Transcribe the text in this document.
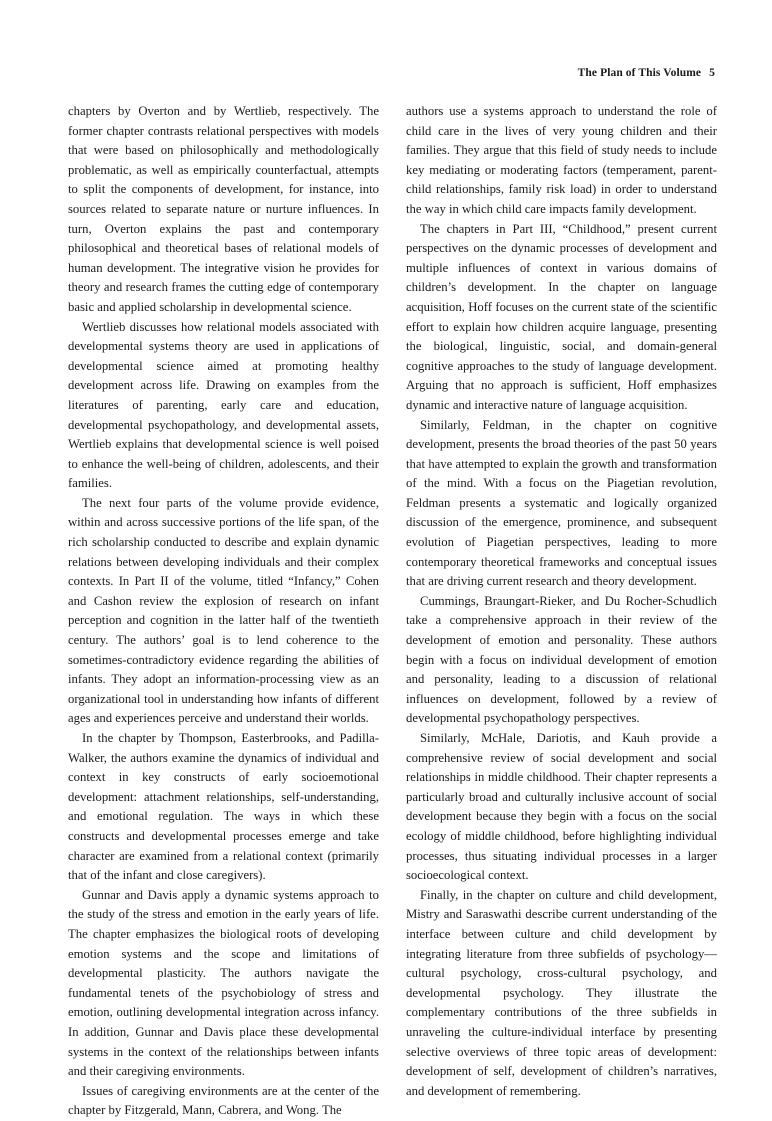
The Plan of This Volume 5

chapters by Overton and by Wertlieb, respectively. The former chapter contrasts relational perspectives with models that were based on philosophically and methodologically problematic, as well as empirically counterfactual, attempts to split the components of development, for instance, into sources related to separate nature or nurture influences. In turn, Overton explains the past and contemporary philosophical and theoretical bases of relational models of human development. The integrative vision he provides for theory and research frames the cutting edge of contemporary basic and applied scholarship in developmental science.

Wertlieb discusses how relational models associated with developmental systems theory are used in applications of developmental science aimed at promoting healthy development across life. Drawing on examples from the literatures of parenting, early care and education, developmental psychopathology, and developmental assets, Wertlieb explains that developmental science is well poised to enhance the well-being of children, adolescents, and their families.

The next four parts of the volume provide evidence, within and across successive portions of the life span, of the rich scholarship conducted to describe and explain dynamic relations between developing individuals and their complex contexts. In Part II of the volume, titled “Infancy,” Cohen and Cashon review the explosion of research on infant perception and cognition in the latter half of the twentieth century. The authors’ goal is to lend coherence to the sometimes-contradictory evidence regarding the abilities of infants. They adopt an information-processing view as an organizational tool in understanding how infants of different ages and experiences perceive and understand their worlds.

In the chapter by Thompson, Easterbrooks, and Padilla-Walker, the authors examine the dynamics of individual and context in key constructs of early socioemotional development: attachment relationships, self-understanding, and emotional regulation. The ways in which these constructs and developmental processes emerge and take character are examined from a relational context (primarily that of the infant and close caregivers).

Gunnar and Davis apply a dynamic systems approach to the study of the stress and emotion in the early years of life. The chapter emphasizes the biological roots of developing emotion systems and the scope and limitations of developmental plasticity. The authors navigate the fundamental tenets of the psychobiology of stress and emotion, outlining developmental integration across infancy. In addition, Gunnar and Davis place these developmental systems in the context of the relationships between infants and their caregiving environments.

Issues of caregiving environments are at the center of the chapter by Fitzgerald, Mann, Cabrera, and Wong. The

authors use a systems approach to understand the role of child care in the lives of very young children and their families. They argue that this field of study needs to include key mediating or moderating factors (temperament, parent-child relationships, family risk load) in order to understand the way in which child care impacts family development.

The chapters in Part III, “Childhood,” present current perspectives on the dynamic processes of development and multiple influences of context in various domains of children’s development. In the chapter on language acquisition, Hoff focuses on the current state of the scientific effort to explain how children acquire language, presenting the biological, linguistic, social, and domain-general cognitive approaches to the study of language development. Arguing that no approach is sufficient, Hoff emphasizes dynamic and interactive nature of language acquisition.

Similarly, Feldman, in the chapter on cognitive development, presents the broad theories of the past 50 years that have attempted to explain the growth and transformation of the mind. With a focus on the Piagetian revolution, Feldman presents a systematic and logically organized discussion of the emergence, prominence, and subsequent evolution of Piagetian perspectives, leading to more contemporary theoretical frameworks and conceptual issues that are driving current research and theory development.

Cummings, Braungart-Rieker, and Du Rocher-Schudlich take a comprehensive approach in their review of the development of emotion and personality. These authors begin with a focus on individual development of emotion and personality, leading to a discussion of relational influences on development, followed by a review of developmental psychopathology perspectives.

Similarly, McHale, Dariotis, and Kauh provide a comprehensive review of social development and social relationships in middle childhood. Their chapter represents a particularly broad and culturally inclusive account of social development because they begin with a focus on the social ecology of middle childhood, before highlighting individual processes, thus situating individual processes in a larger socioecological context.

Finally, in the chapter on culture and child development, Mistry and Saraswathi describe current understanding of the interface between culture and child development by integrating literature from three subfields of psychology—cultural psychology, cross-cultural psychology, and developmental psychology. They illustrate the complementary contributions of the three subfields in unraveling the culture-individual interface by presenting selective overviews of three topic areas of development: development of self, development of children’s narratives, and development of remembering.
